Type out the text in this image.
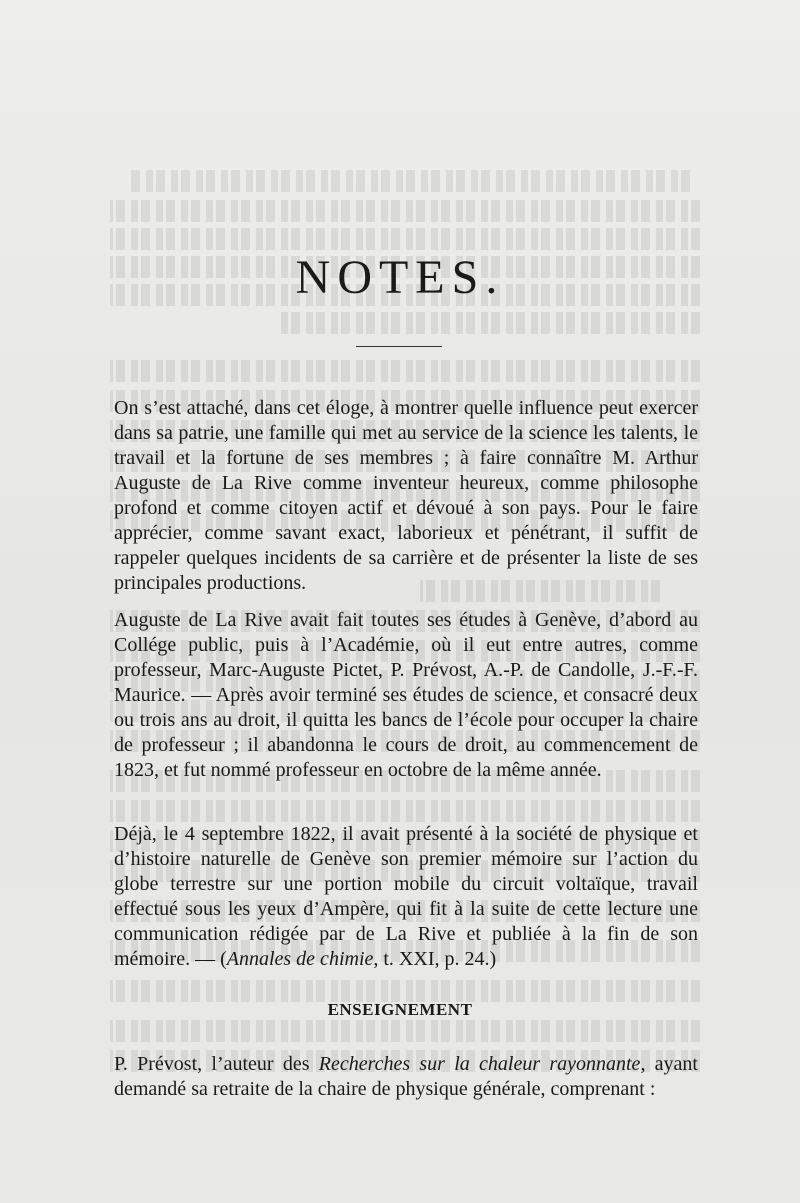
NOTES.

On s’est attaché, dans cet éloge, à montrer quelle influence peut exercer dans sa patrie, une famille qui met au service de la science les talents, le travail et la fortune de ses membres ; à faire connaître M. Arthur Auguste de La Rive comme inventeur heureux, comme philosophe profond et comme citoyen actif et dévoué à son pays. Pour le faire apprécier, comme savant exact, laborieux et pénétrant, il suffit de rappeler quelques incidents de sa carrière et de présenter la liste de ses principales productions.

Auguste de La Rive avait fait toutes ses études à Genève, d’abord au Collége public, puis à l’Académie, où il eut entre autres, comme professeur, Marc-Auguste Pictet, P. Prévost, A.-P. de Candolle, J.-F.-F. Maurice. — Après avoir terminé ses études de science, et consacré deux ou trois ans au droit, il quitta les bancs de l’école pour occuper la chaire de professeur ; il abandonna le cours de droit, au commencement de 1823, et fut nommé professeur en octobre de la même année.

Déjà, le 4 septembre 1822, il avait présenté à la société de physique et d’histoire naturelle de Genève son premier mémoire sur l’action du globe terrestre sur une portion mobile du circuit voltaïque, travail effectué sous les yeux d’Ampère, qui fit à la suite de cette lecture une communication rédigée par de La Rive et publiée à la fin de son mémoire. — (Annales de chimie, t. XXI, p. 24.)

ENSEIGNEMENT

P. Prévost, l’auteur des Recherches sur la chaleur rayonnante, ayant demandé sa retraite de la chaire de physique générale, comprenant :
